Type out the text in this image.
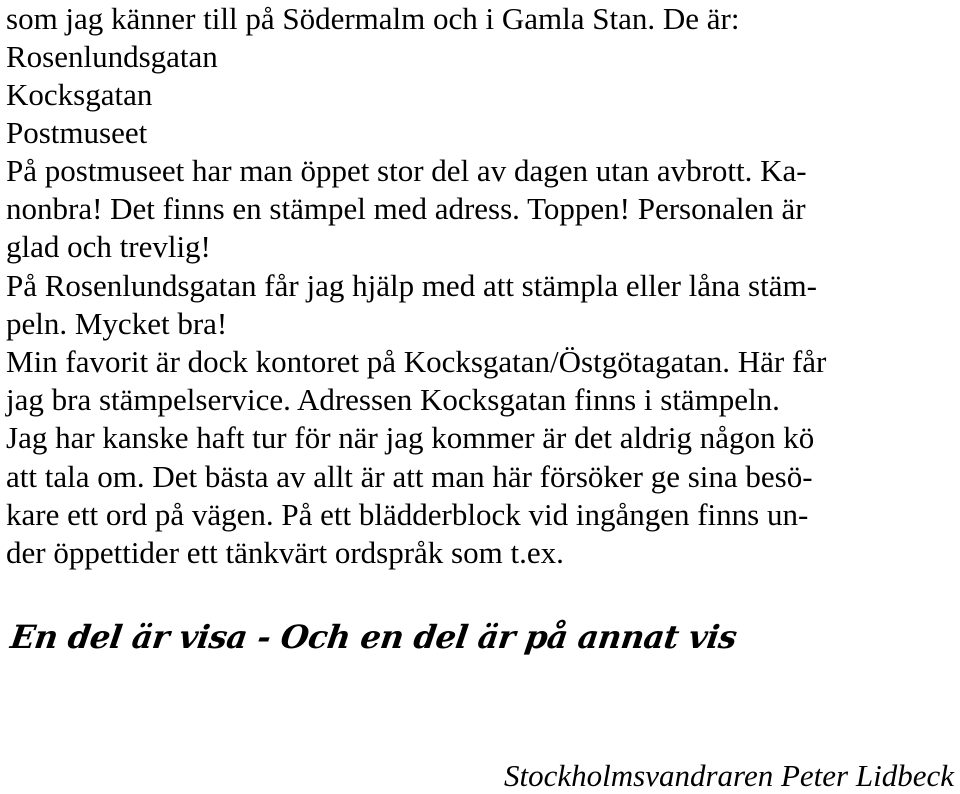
som jag känner till på Södermalm och i Gamla Stan. De är:

Rosenlundsgatan

Kocksgatan

Postmuseet

På postmuseet har man öppet stor del av dagen utan avbrott. Ka-

nonbra! Det finns en stämpel med adress. Toppen! Personalen är

glad och trevlig!

På Rosenlundsgatan får jag hjälp med att stämpla eller låna stäm-

peln. Mycket bra!

Min favorit är dock kontoret på Kocksgatan/Östgötagatan. Här får

jag bra stämpelservice. Adressen Kocksgatan finns i stämpeln.

Jag har kanske haft tur för när jag kommer är det aldrig någon kö

att tala om. Det bästa av allt är att man här försöker ge sina besö-

kare ett ord på vägen. På ett blädderblock vid ingången finns un-

der öppettider ett tänkvärt ordspråk som t.ex.

En del är visa - Och en del är på annat vis

Stockholmsvandraren Peter Lidbeck
